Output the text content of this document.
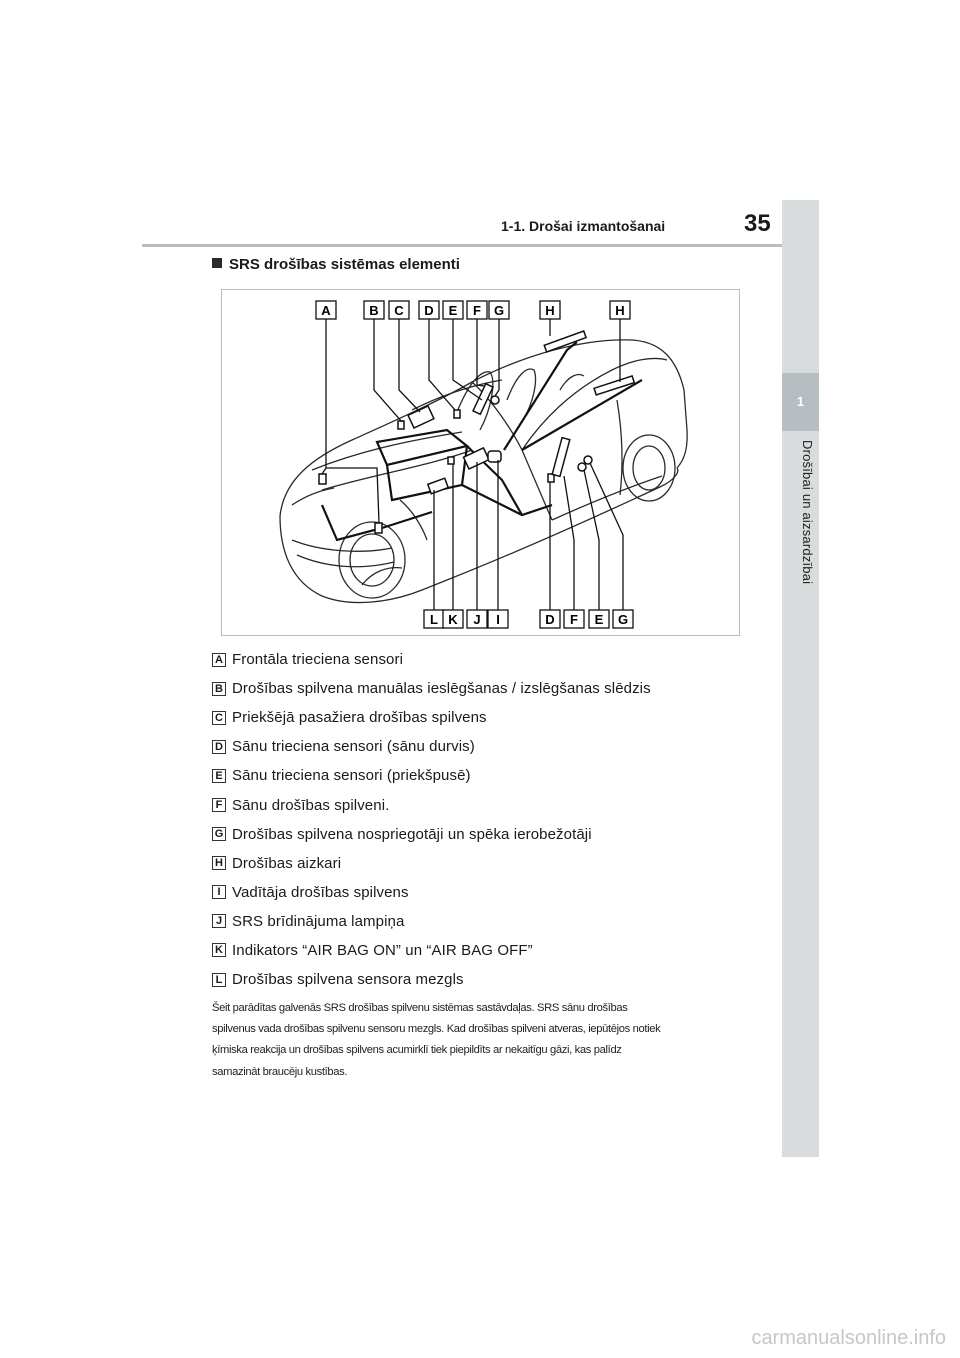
1-1. Drošai izmantošanai	35
1
Drošībai un aizsardzībai
SRS drošības sistēmas elementi
A	B C D E F G	H	H
L K J I	D F E G
A Frontāla trieciena sensori
B Drošības spilvena manuālas ieslēgšanas / izslēgšanas slēdzis
C Priekšējā pasažiera drošības spilvens
D Sānu trieciena sensori (sānu durvis)
E Sānu trieciena sensori (priekšpusē)
F Sānu drošības spilveni.
G Drošības spilvena nospriegotāji un spēka ierobežotāji
H Drošības aizkari
I Vadītāja drošības spilvens
J SRS brīdinājuma lampiņa
K Indikators “AIR BAG ON” un “AIR BAG OFF”
L Drošības spilvena sensora mezgls
Šeit parādītas galvenās SRS drošības spilvenu sistēmas sastāvdaļas. SRS sānu drošības
spilvenus vada drošības spilvenu sensoru mezgls. Kad drošības spilveni atveras, iepūtējos notiek
ķīmiska reakcija un drošības spilvens acumirklī tiek piepildīts ar nekaitīgu gāzi, kas palīdz
samazināt braucēju kustības.
carmanualsonline.info
